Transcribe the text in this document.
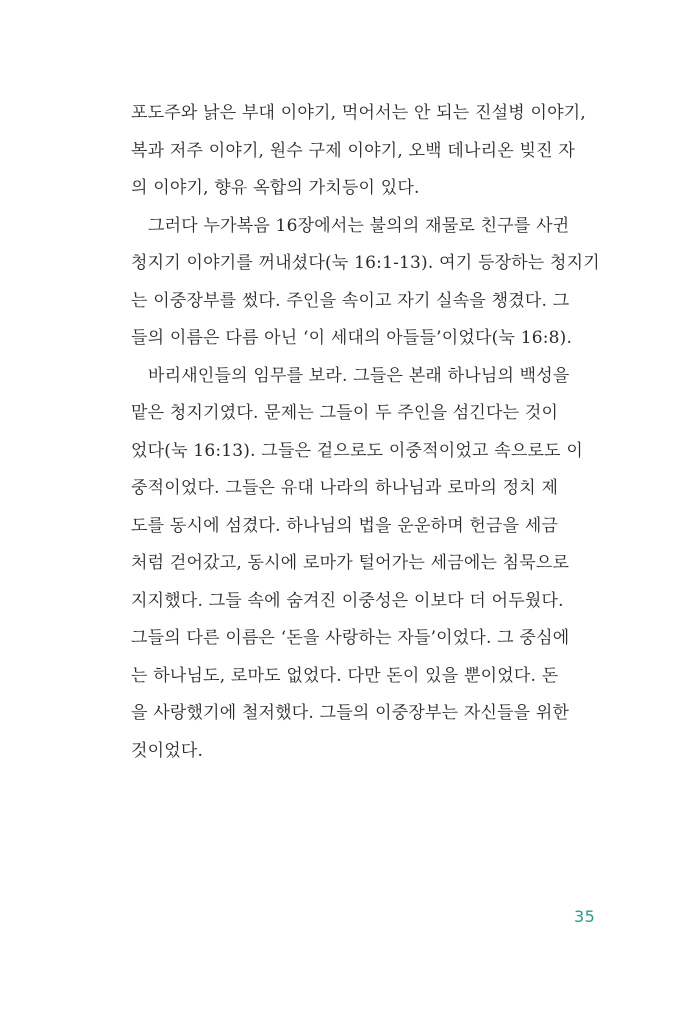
포도주와 낡은 부대 이야기, 먹어서는 안 되는 진설병 이야기,
복과 저주 이야기, 원수 구제 이야기, 오백 데나리온 빚진 자
의 이야기, 향유 옥합의 가치등이 있다.
그러다 누가복음 16장에서는 불의의 재물로 친구를 사귄
청지기 이야기를 꺼내셨다(눅 16:1-13). 여기 등장하는 청지기
는 이중장부를 썼다. 주인을 속이고 자기 실속을 챙겼다. 그
들의 이름은 다름 아닌 ‘이 세대의 아들들’이었다(눅 16:8).
바리새인들의 임무를 보라. 그들은 본래 하나님의 백성을
맡은 청지기였다. 문제는 그들이 두 주인을 섬긴다는 것이
었다(눅 16:13). 그들은 겉으로도 이중적이었고 속으로도 이
중적이었다. 그들은 유대 나라의 하나님과 로마의 정치 제
도를 동시에 섬겼다. 하나님의 법을 운운하며 헌금을 세금
처럼 걷어갔고, 동시에 로마가 털어가는 세금에는 침묵으로
지지했다. 그들 속에 숨겨진 이중성은 이보다 더 어두웠다.
그들의 다른 이름은 ‘돈을 사랑하는 자들’이었다. 그 중심에
는 하나님도, 로마도 없었다. 다만 돈이 있을 뿐이었다. 돈
을 사랑했기에 철저했다. 그들의 이중장부는 자신들을 위한
것이었다.
35
